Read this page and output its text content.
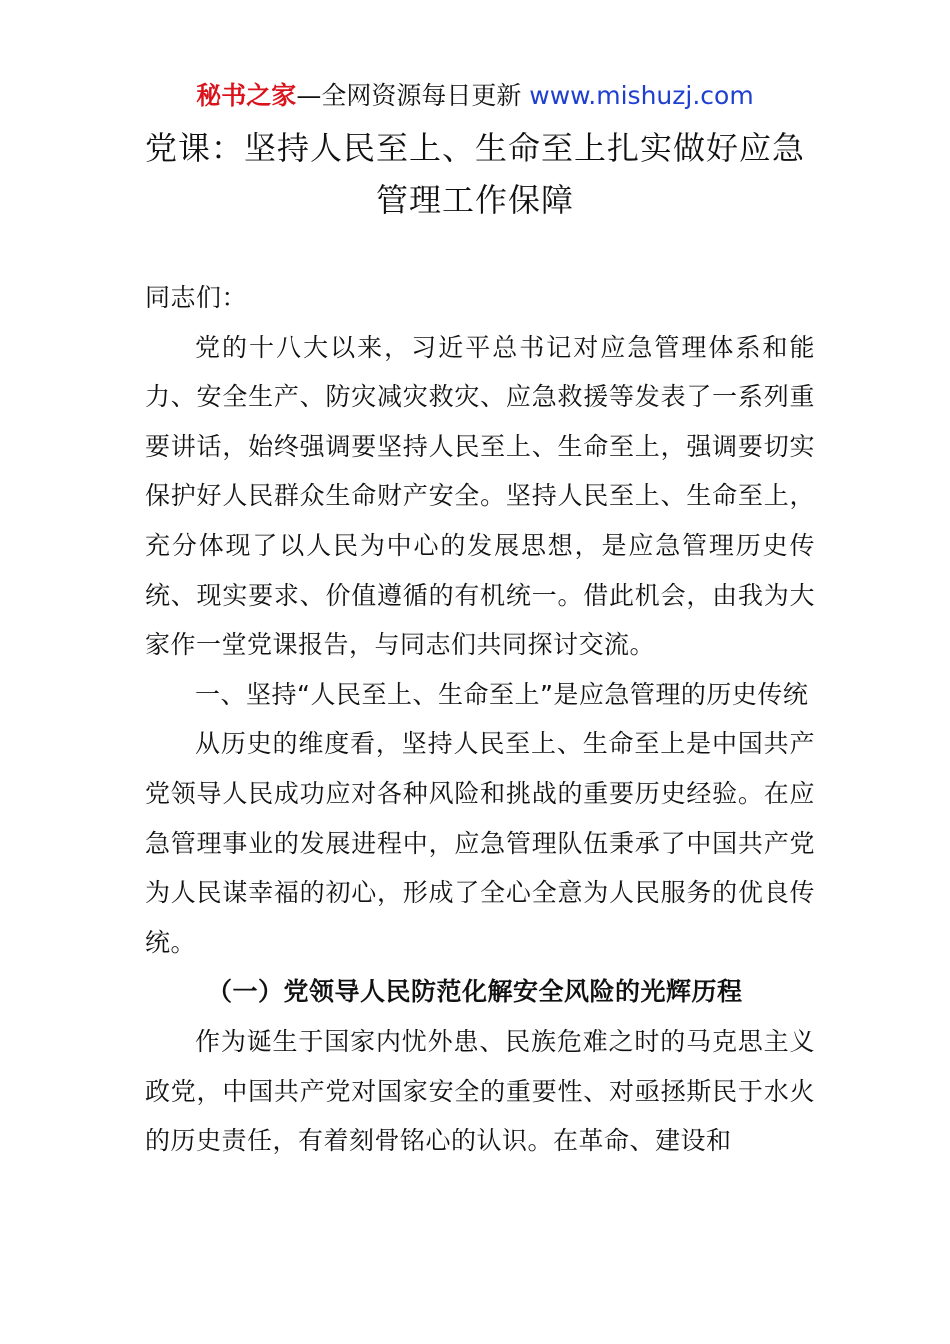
秘书之家—全网资源每日更新 www.mishuzj.com
党课：坚持人民至上、生命至上扎实做好应急
管理工作保障

同志们：

党的十八大以来，习近平总书记对应急管理体系和能力、安全生产、防灾减灾救灾、应急救援等发表了一系列重要讲话，始终强调要坚持人民至上、生命至上，强调要切实保护好人民群众生命财产安全。坚持人民至上、生命至上，充分体现了以人民为中心的发展思想，是应急管理历史传统、现实要求、价值遵循的有机统一。借此机会，由我为大家作一堂党课报告，与同志们共同探讨交流。

一、坚持“人民至上、生命至上”是应急管理的历史传统

从历史的维度看，坚持人民至上、生命至上是中国共产党领导人民成功应对各种风险和挑战的重要历史经验。在应急管理事业的发展进程中，应急管理队伍秉承了中国共产党为人民谋幸福的初心，形成了全心全意为人民服务的优良传统。

（一）党领导人民防范化解安全风险的光辉历程

作为诞生于国家内忧外患、民族危难之时的马克思主义政党，中国共产党对国家安全的重要性、对亟拯斯民于水火的历史责任，有着刻骨铭心的认识。在革命、建设和
